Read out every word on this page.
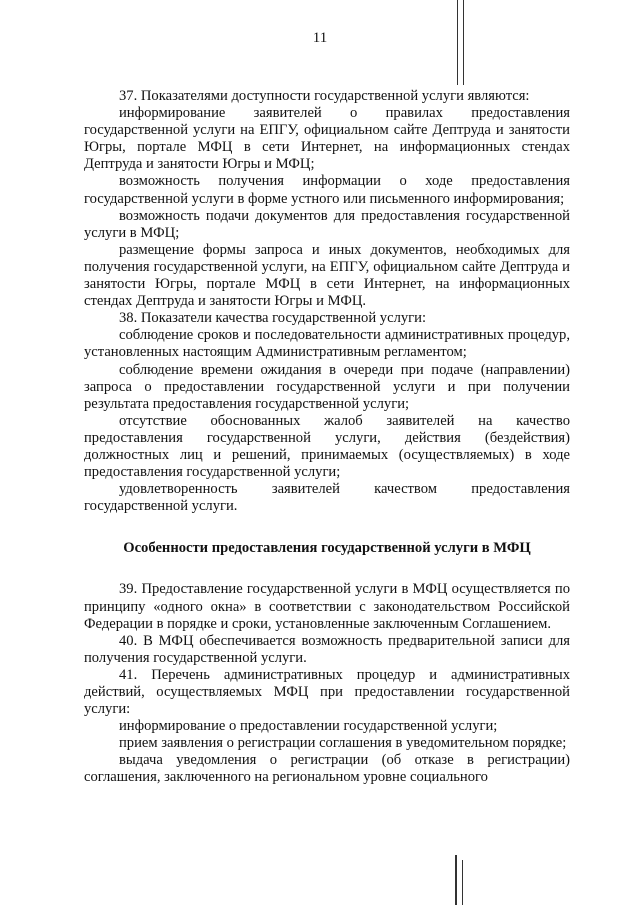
11

37. Показателями доступности государственной услуги являются:

информирование заявителей о правилах предоставления государственной услуги на ЕПГУ, официальном сайте Дептруда и занятости Югры, портале МФЦ в сети Интернет, на информационных стендах Дептруда и занятости Югры и МФЦ;

возможность получения информации о ходе предоставления государственной услуги в форме устного или письменного информирования;

возможность подачи документов для предоставления государственной услуги в МФЦ;

размещение формы запроса и иных документов, необходимых для получения государственной услуги, на ЕПГУ, официальном сайте Дептруда и занятости Югры, портале МФЦ в сети Интернет, на информационных стендах Дептруда и занятости Югры и МФЦ.

38. Показатели качества государственной услуги:

соблюдение сроков и последовательности административных процедур, установленных настоящим Административным регламентом;

соблюдение времени ожидания в очереди при подаче (направлении) запроса о предоставлении государственной услуги и при получении результата предоставления государственной услуги;

отсутствие обоснованных жалоб заявителей на качество предоставления государственной услуги, действия (бездействия) должностных лиц и решений, принимаемых (осуществляемых) в ходе предоставления государственной услуги;

удовлетворенность заявителей качеством предоставления государственной услуги.

Особенности предоставления государственной услуги в МФЦ

39. Предоставление государственной услуги в МФЦ осуществляется по принципу «одного окна» в соответствии с законодательством Российской Федерации в порядке и сроки, установленные заключенным Соглашением.

40. В МФЦ обеспечивается возможность предварительной записи для получения государственной услуги.

41. Перечень административных процедур и административных действий, осуществляемых МФЦ при предоставлении государственной услуги:

информирование о предоставлении государственной услуги;

прием заявления о регистрации соглашения в уведомительном порядке;

выдача уведомления о регистрации (об отказе в регистрации) соглашения, заключенного на региональном уровне социального
